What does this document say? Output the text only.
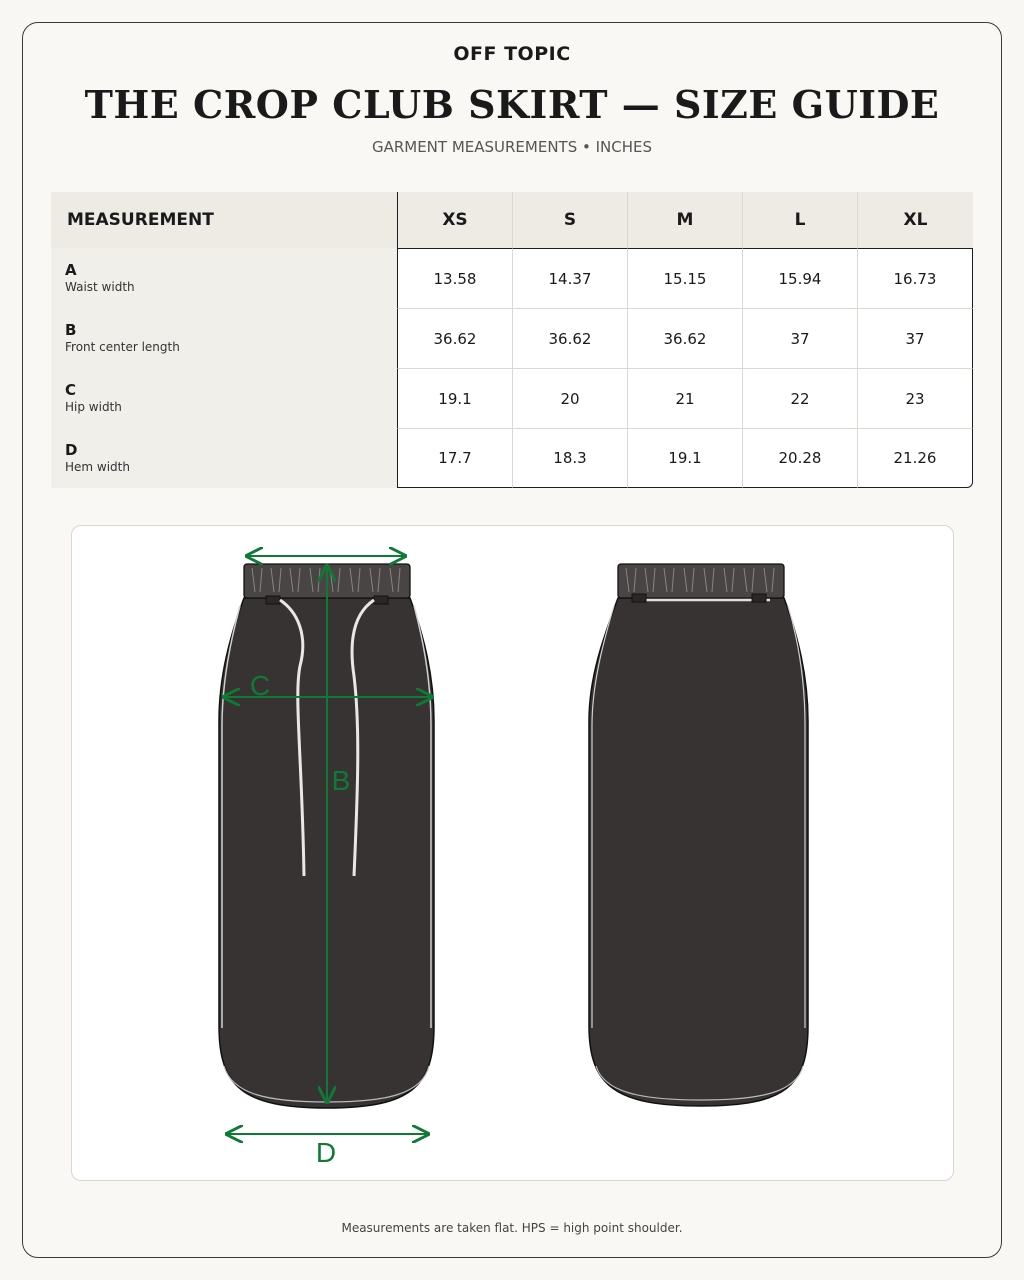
OFF TOPIC
THE CROP CLUB SKIRT — SIZE GUIDE
GARMENT MEASUREMENTS • INCHES
MEASUREMENT	XS	S	M	L	XL

A
Waist width	13.58	14.37	15.15	15.94	16.73

B
Front center length	36.62	36.62	36.62	37	37

C
Hip width	19.1	20	21	22	23

D
Hem width	17.7	18.3	19.1	20.28	21.26
C
B
D
Measurements are taken flat. HPS = high point shoulder.
